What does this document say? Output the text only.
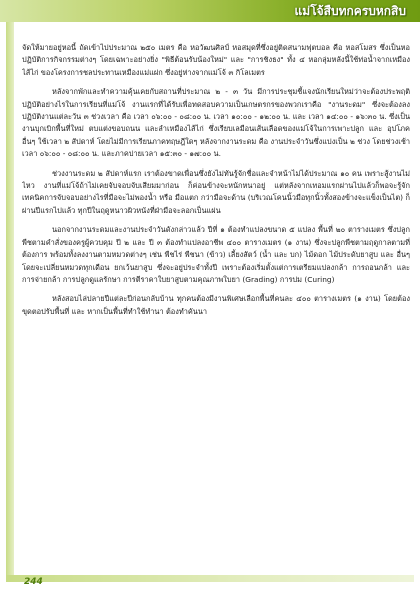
แม่โจ้สืบทกครบหกสิบ

จัดให้มายอยู่หอนี้ ถัดเข้าไปประมาณ ๒๕๐ เมตร คือ หอวัฒนศิลป์ หอสมุดที่ซึ่งอยู่ติดสนามฟุตบอล คือ หอสโมสร ซึ่งเป็นหอปฏิบัติการกิจกรรมต่างๆ โดยเฉพาะอย่างยิ่ง "พิธีต้อนรับน้องใหม่" และ "การชิงธง" ทั้ง ๔ หอกลุ่มหลังนี้ใช้ท่อน้ำจากเหมืองไส้ไก่ ของโครงการชลประทานเหมืองแม่แฝก ซึ่งอยู่ห่างจากแม่โจ้ ๓ กิโลเมตร

หลังจากพักและทำความคุ้นเคยกับสถานที่ประมาณ ๒ - ๓ วัน มีการประชุมชี้แจงนักเรียนใหม่ว่าจะต้องประพฤติปฏิบัติอย่างไรในการเรียนที่แม่โจ้ งานแรกที่ได้รับเพื่อทดสอบความเป็นเกษตรกรของพวกเราคือ "งานระดม" ซึ่งจะต้องลงปฏิบัติงานแต่ละวัน ๓ ช่วงเวลา คือ เวลา ๐๖:๐๐ - ๐๘:๐๐ น. เวลา ๑๐:๐๐ - ๑๒:๐๐ น. และ เวลา ๑๔:๐๐ - ๑๖:๓๐ น. ซึ่งเป็นงานบุกเบิกพื้นที่ใหม่ ตบแต่งขอบถนน และลำเหมืองไส้ไก่ ซึ่งเรียบเลมือนเส้นเลือดของแม่โจ้ในการเพาะปลูก และ อุปโภคอื่นๆ ใช้เวลา ๒ สัปดาห์ โดยไม่มีการเรียนภาคทฤษฎีใดๆ หลังจากงานระดม คือ งานประจำวันซึ่งแบ่งเป็น ๒ ช่วง โดยช่วงเช้าเวลา ๐๖:๐๐ - ๐๘:๐๐ น. และภาคบ่ายเวลา ๑๕:๓๐ - ๑๗:๐๐ น.

ช่วงงานระดม ๒ สัปดาห์แรก เราต้องขาดเพื่อนซึ่งยังไม่ทันรู้จักชื่อและจำหน้าไม่ได้ประมาณ ๑๐ คน เพราะสู้งานไม่ไหว งานที่แม่โจ้ถ้าไม่เคยจับจอบจับเสียมมาก่อน ก็ค่อนข้างจะหนักหนาอยู่ แต่หลังจากเทอมแรกผ่านไปแล้วก็พอจะรู้จักเทคนิคการจับจอบอย่างไรที่มือจะไม่พองน้ำ หรือ มือแตก กว่ามือจะด้าน (บริเวณโคนนิ้วมือทุกนิ้วทั้งสองข้างจะแข็งเป็นไต) ก็ผ่านปีแรกไปแล้ว ทุกปีในฤดูหนาวผิวหนังที่ฝ่ามือจะลอกเป็นแผ่น

นอกจากงานระดมและงานประจำวันดังกล่าวแล้ว ปีที่ ๑ ต้องทำแปลงขนาด ๕ แปลง พื้นที่ ๒๐ ตารางเมตร ซึ่งปลูกพืชตามคำสั่งของครูผู้ควบคุม ปี ๒ และ ปี ๓ ต้องทำแปลงอาชีพ ๔๐๐ ตารางเมตร (๑ งาน) ซึ่งจะปลูกพืชตามฤดูกาลตามที่ต้องการ พร้อมทั้งลงงานตามหมวดต่างๆ เช่น พืชไร่ พืชนา (ข้าว) เลี้ยงสัตว์ (น้ำ และ บก) ไม้ดอก ไม้ประดับยาสูบ และ อื่นๆ โดยจะเปลี่ยนหมวดทุกเดือน ยกเว้นยาสูบ ซึ่งจะอยู่ประจำทั้งปี เพราะต้องเริ่มตั้งแต่การเตรียมแปลงกล้า การถอนกล้า และ การจ่ายกล้า การปลูกดูแลรักษา การตีราคาใบยาสูบตามคุณภาพใบยา (Grading) การบ่ม (Curing)

หลังสอบไล่ปลายปีแต่ละปีก่อนกลับบ้าน ทุกคนต้องมีงานพิเศษเลือกพื้นที่คนละ ๔๐๐ ตารางเมตร (๑ งาน) โดยต้องขุดตอปรับพื้นที่ และ หากเป็นพื้นที่ทำใช้ทำนา ต้องทำคันนา

244
